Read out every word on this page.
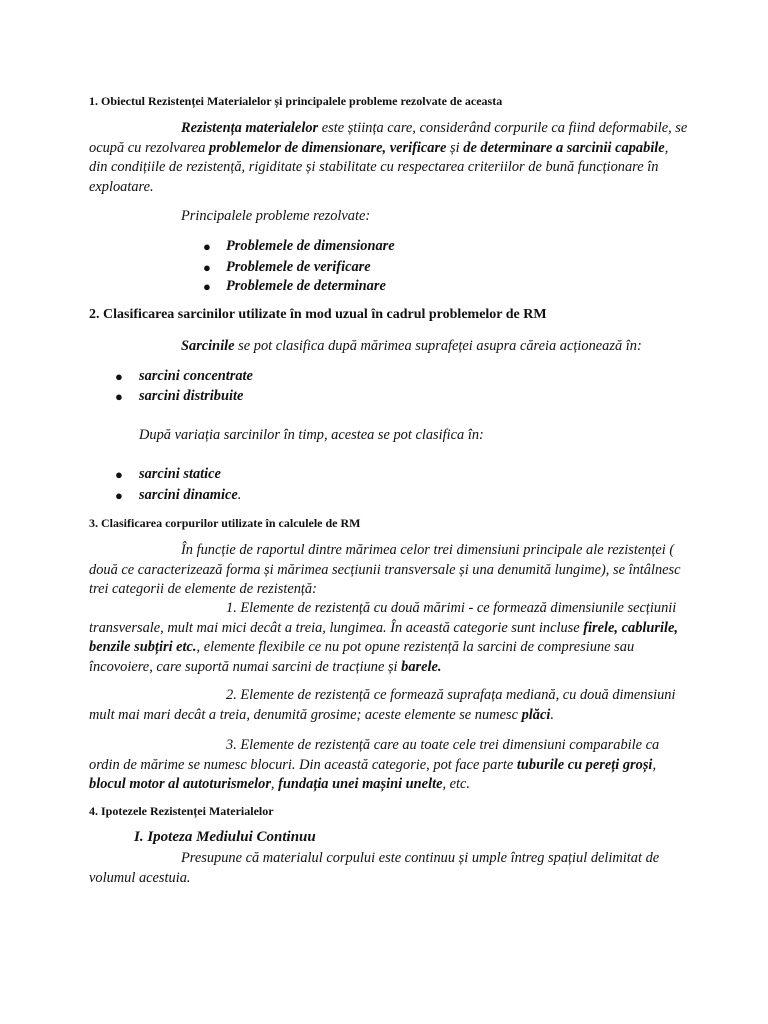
1. Obiectul Rezistenței Materialelor și principalele probleme rezolvate de aceasta
Rezistența materialelor este știința care, considerând corpurile ca fiind deformabile, se ocupă cu rezolvarea problemelor de dimensionare, verificare și de determinare a sarcinii capabile, din condițiile de rezistență, rigiditate și stabilitate cu respectarea criteriilor de bună funcționare în exploatare.
Principalele probleme rezolvate:
● Problemele de dimensionare
● Problemele de verificare
● Problemele de determinare
2. Clasificarea sarcinilor utilizate în mod uzual în cadrul problemelor de RM
Sarcinile se pot clasifica după mărimea suprafeței asupra căreia acționează în:
● sarcini concentrate
● sarcini distribuite
După variația sarcinilor în timp, acestea se pot clasifica în:
● sarcini statice
● sarcini dinamice.
3. Clasificarea corpurilor utilizate în calculele de RM
În funcție de raportul dintre mărimea celor trei dimensiuni principale ale rezistenței ( două ce caracterizează forma și mărimea secțiunii transversale și una denumită lungime), se întâlnesc trei categorii de elemente de rezistență:
1. Elemente de rezistență cu două mărimi - ce formează dimensiunile secțiunii transversale, mult mai mici decât a treia, lungimea. În această categorie sunt incluse firele, cablurile, benzile subțiri etc., elemente flexibile ce nu pot opune rezistență la sarcini de compresiune sau încovoiere, care suportă numai sarcini de tracțiune și barele.
2. Elemente de rezistență ce formează suprafața mediană, cu două dimensiuni mult mai mari decât a treia, denumită grosime; aceste elemente se numesc plăci.
3. Elemente de rezistență care au toate cele trei dimensiuni comparabile ca ordin de mărime se numesc blocuri. Din această categorie, pot face parte tuburile cu pereți groși, blocul motor al autoturismelor, fundația unei mașini unelte, etc.
4. Ipotezele Rezistenței Materialelor
I. Ipoteza Mediului Continuu
Presupune că materialul corpului este continuu și umple întreg spațiul delimitat de volumul acestuia.
